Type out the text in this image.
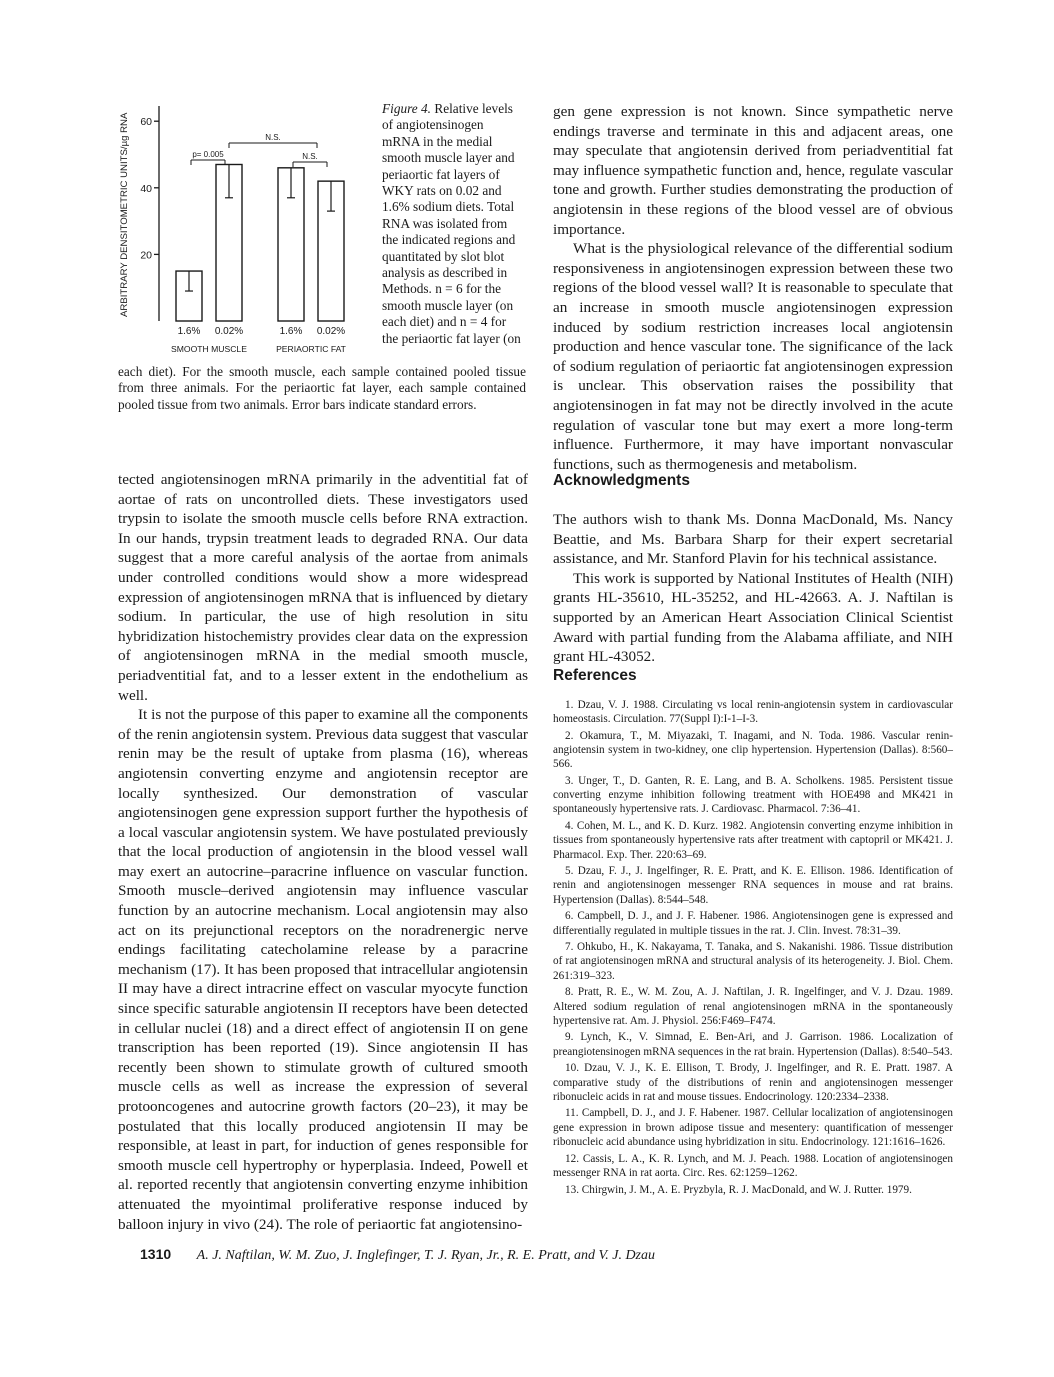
ARBITRARY DENSITOMETRIC UNITS/µg RNA 20
40
60
1.6% 0.02%	1.6% 0.02%
SMOOTH MUSCLE	PERIAORTIC FAT
p= 0.005
N.S.
N.S.
Figure 4. Relative levels of angiotensinogen mRNA in the medial smooth muscle layer and periaortic fat layers of WKY rats on 0.02 and 1.6% sodium diets. Total RNA was isolated from the indicated regions and quantitated by slot blot analysis as described in Methods. n = 6 for the smooth muscle layer (on each diet) and n = 4 for the periaortic fat layer (on
each diet). For the smooth muscle, each sample contained pooled tissue from three animals. For the periaortic fat layer, each sample contained pooled tissue from two animals. Error bars indicate standard errors.

tected angiotensinogen mRNA primarily in the adventitial fat of aortae of rats on uncontrolled diets. These investigators used trypsin to isolate the smooth muscle cells before RNA extraction. In our hands, trypsin treatment leads to degraded RNA. Our data suggest that a more careful analysis of the aortae from animals under controlled conditions would show a more widespread expression of angiotensinogen mRNA that is influenced by dietary sodium. In particular, the use of high resolution in situ hybridization histochemistry provides clear data on the expression of angiotensinogen mRNA in the medial smooth muscle, periadventitial fat, and to a lesser extent in the endothelium as well.

It is not the purpose of this paper to examine all the components of the renin angiotensin system. Previous data suggest that vascular renin may be the result of uptake from plasma (16), whereas angiotensin converting enzyme and angiotensin receptor are locally synthesized. Our demonstration of vascular angiotensinogen gene expression support further the hypothesis of a local vascular angiotensin system. We have postulated previously that the local production of angiotensin in the blood vessel wall may exert an autocrine–paracrine influence on vascular function. Smooth muscle–derived angiotensin may influence vascular function by an autocrine mechanism. Local angiotensin may also act on its prejunctional receptors on the noradrenergic nerve endings facilitating catecholamine release by a paracrine mechanism (17). It has been proposed that intracellular angiotensin II may have a direct intracrine effect on vascular myocyte function since specific saturable angiotensin II receptors have been detected in cellular nuclei (18) and a direct effect of angiotensin II on gene transcription has been reported (19). Since angiotensin II has recently been shown to stimulate growth of cultured smooth muscle cells as well as increase the expression of several protooncogenes and autocrine growth factors (20–23), it may be postulated that this locally produced angiotensin II may be responsible, at least in part, for induction of genes responsible for smooth muscle cell hypertrophy or hyperplasia. Indeed, Powell et al. reported recently that angiotensin converting enzyme inhibition attenuated the myointimal proliferative response induced by balloon injury in vivo (24). The role of periaortic fat angiotensino-

gen gene expression is not known. Since sympathetic nerve endings traverse and terminate in this and adjacent areas, one may speculate that angiotensin derived from periadventitial fat may influence sympathetic function and, hence, regulate vascular tone and growth. Further studies demonstrating the production of angiotensin in these regions of the blood vessel are of obvious importance.

What is the physiological relevance of the differential sodium responsiveness in angiotensinogen expression between these two regions of the blood vessel wall? It is reasonable to speculate that an increase in smooth muscle angiotensinogen expression induced by sodium restriction increases local angiotensin production and hence vascular tone. The significance of the lack of sodium regulation of periaortic fat angiotensinogen expression is unclear. This observation raises the possibility that angiotensinogen in fat may not be directly involved in the acute regulation of vascular tone but may exert a more long-term influence. Furthermore, it may have important nonvascular functions, such as thermogenesis and metabolism.

Acknowledgments

The authors wish to thank Ms. Donna MacDonald, Ms. Nancy Beattie, and Ms. Barbara Sharp for their expert secretarial assistance, and Mr. Stanford Plavin for his technical assistance.

This work is supported by National Institutes of Health (NIH) grants HL-35610, HL-35252, and HL-42663. A. J. Naftilan is supported by an American Heart Association Clinical Scientist Award with partial funding from the Alabama affiliate, and NIH grant HL-43052.

References

1. Dzau, V. J. 1988. Circulating vs local renin-angiotensin system in cardiovascular homeostasis. Circulation. 77(Suppl I):I-1–I-3.

2. Okamura, T., M. Miyazaki, T. Inagami, and N. Toda. 1986. Vascular renin-angiotensin system in two-kidney, one clip hypertension. Hypertension (Dallas). 8:560–566.

3. Unger, T., D. Ganten, R. E. Lang, and B. A. Scholkens. 1985. Persistent tissue converting enzyme inhibition following treatment with HOE498 and MK421 in spontaneously hypertensive rats. J. Cardiovasc. Pharmacol. 7:36–41.

4. Cohen, M. L., and K. D. Kurz. 1982. Angiotensin converting enzyme inhibition in tissues from spontaneously hypertensive rats after treatment with captopril or MK421. J. Pharmacol. Exp. Ther. 220:63–69.

5. Dzau, F. J., J. Ingelfinger, R. E. Pratt, and K. E. Ellison. 1986. Identification of renin and angiotensinogen messenger RNA sequences in mouse and rat brains. Hypertension (Dallas). 8:544–548.

6. Campbell, D. J., and J. F. Habener. 1986. Angiotensinogen gene is expressed and differentially regulated in multiple tissues in the rat. J. Clin. Invest. 78:31–39.

7. Ohkubo, H., K. Nakayama, T. Tanaka, and S. Nakanishi. 1986. Tissue distribution of rat angiotensinogen mRNA and structural analysis of its heterogeneity. J. Biol. Chem. 261:319–323.

8. Pratt, R. E., W. M. Zou, A. J. Naftilan, J. R. Ingelfinger, and V. J. Dzau. 1989. Altered sodium regulation of renal angiotensinogen mRNA in the spontaneously hypertensive rat. Am. J. Physiol. 256:F469–F474.

9. Lynch, K., V. Simnad, E. Ben-Ari, and J. Garrison. 1986. Localization of preangiotensinogen mRNA sequences in the rat brain. Hypertension (Dallas). 8:540–543.

10. Dzau, V. J., K. E. Ellison, T. Brody, J. Ingelfinger, and R. E. Pratt. 1987. A comparative study of the distributions of renin and angiotensinogen messenger ribonucleic acids in rat and mouse tissues. Endocrinology. 120:2334–2338.

11. Campbell, D. J., and J. F. Habener. 1987. Cellular localization of angiotensinogen gene expression in brown adipose tissue and mesentery: quantification of messenger ribonucleic acid abundance using hybridization in situ. Endocrinology. 121:1616–1626.

12. Cassis, L. A., K. R. Lynch, and M. J. Peach. 1988. Location of angiotensinogen messenger RNA in rat aorta. Circ. Res. 62:1259–1262.

13. Chirgwin, J. M., A. E. Pryzbyla, R. J. MacDonald, and W. J. Rutter. 1979.

1310 A. J. Naftilan, W. M. Zuo, J. Inglefinger, T. J. Ryan, Jr., R. E. Pratt, and V. J. Dzau
